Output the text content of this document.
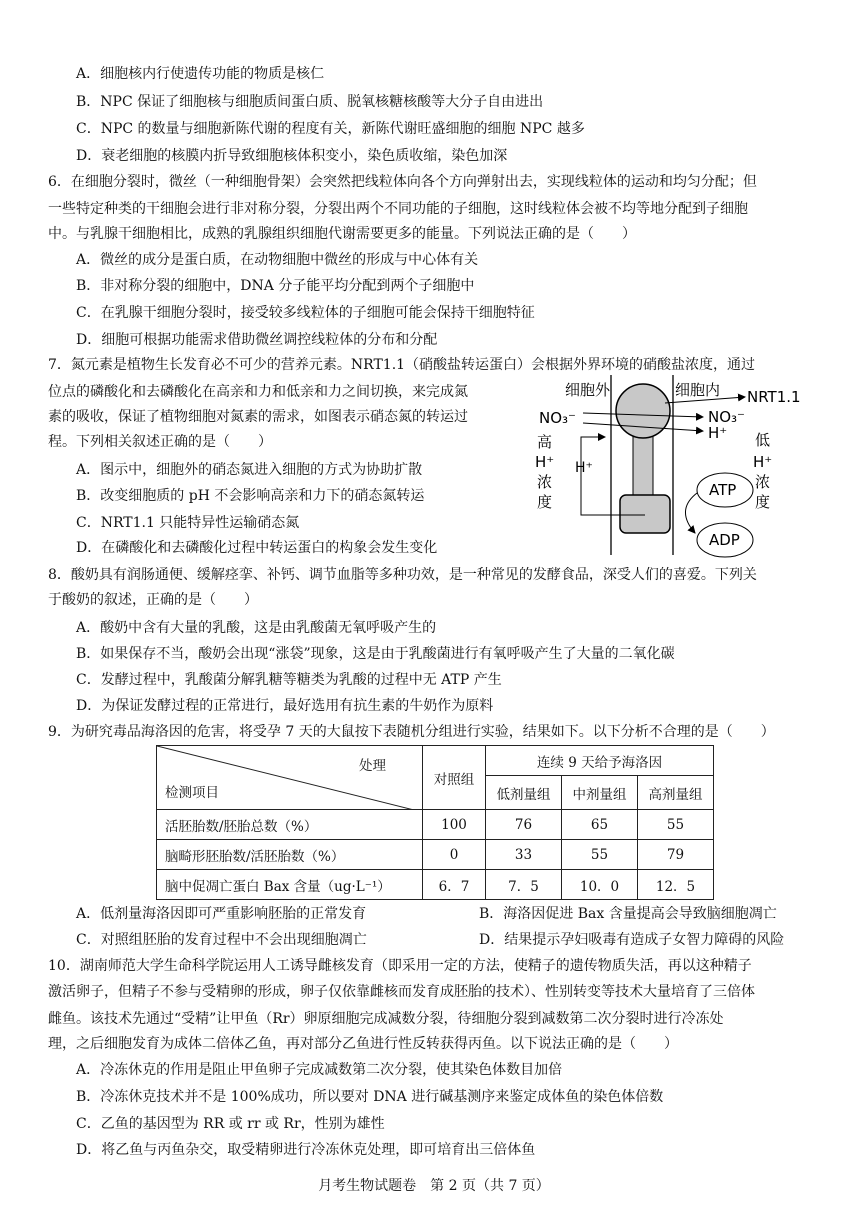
A．细胞核内行使遗传功能的物质是核仁
B．NPC 保证了细胞核与细胞质间蛋白质、脱氧核糖核酸等大分子自由进出
C．NPC 的数量与细胞新陈代谢的程度有关，新陈代谢旺盛细胞的细胞 NPC 越多
D．衰老细胞的核膜内折导致细胞核体积变小，染色质收缩，染色加深
6．在细胞分裂时，微丝（一种细胞骨架）会突然把线粒体向各个方向弹射出去，实现线粒体的运动和均匀分配；但
一些特定种类的干细胞会进行非对称分裂，分裂出两个不同功能的子细胞，这时线粒体会被不均等地分配到子细胞
中。与乳腺干细胞相比，成熟的乳腺组织细胞代谢需要更多的能量。下列说法正确的是（　　）
A．微丝的成分是蛋白质，在动物细胞中微丝的形成与中心体有关
B．非对称分裂的细胞中，DNA 分子能平均分配到两个子细胞中
C．在乳腺干细胞分裂时，接受较多线粒体的子细胞可能会保持干细胞特征
D．细胞可根据功能需求借助微丝调控线粒体的分布和分配
7．氮元素是植物生长发育必不可少的营养元素。NRT1.1（硝酸盐转运蛋白）会根据外界环境的硝酸盐浓度，通过
位点的磷酸化和去磷酸化在高亲和力和低亲和力之间切换，来完成氮
素的吸收，保证了植物细胞对氮素的需求，如图表示硝态氮的转运过
程。下列相关叙述正确的是（　　）
A．图示中，细胞外的硝态氮进入细胞的方式为协助扩散
B．改变细胞质的 pH 不会影响高亲和力下的硝态氮转运
C．NRT1.1 只能特异性运输硝态氮
D．在磷酸化和去磷酸化过程中转运蛋白的构象会发生变化
细胞外	细胞内 NRT1.1
NO₃⁻	NO₃⁻
H⁺
H⁺
高
H⁺
浓
度
低
H⁺
浓
度
ATP
ADP
8．酸奶具有润肠通便、缓解痉挛、补钙、调节血脂等多种功效，是一种常见的发酵食品，深受人们的喜爱。下列关
于酸奶的叙述，正确的是（　　）
A．酸奶中含有大量的乳酸，这是由乳酸菌无氧呼吸产生的
B．如果保存不当，酸奶会出现“涨袋”现象，这是由于乳酸菌进行有氧呼吸产生了大量的二氧化碳
C．发酵过程中，乳酸菌分解乳糖等糖类为乳酸的过程中无 ATP 产生
D．为保证发酵过程的正常进行，最好选用有抗生素的牛奶作为原料
9．为研究毒品海洛因的危害，将受孕 7 天的大鼠按下表随机分组进行实验，结果如下。以下分析不合理的是（　　）
处理
检测项目	对照组	连续 9 天给予海洛因		
		低剂量组	中剂量组	高剂量组
活胚胎数/胚胎总数（%）	100	76	65	55
脑畸形胚胎数/活胚胎数（%）	0	33	55	79
脑中促凋亡蛋白 Bax 含量（ug·L⁻¹）	6．7	7．5	10．0	12．5
A．低剂量海洛因即可严重影响胚胎的正常发育	B．海洛因促进 Bax 含量提高会导致脑细胞凋亡
C．对照组胚胎的发育过程中不会出现细胞凋亡	D．结果提示孕妇吸毒有造成子女智力障碍的风险
10．湖南师范大学生命科学院运用人工诱导雌核发育（即采用一定的方法，使精子的遗传物质失活，再以这种精子
激活卵子，但精子不参与受精卵的形成，卵子仅依靠雌核而发育成胚胎的技术）、性别转变等技术大量培育了三倍体
雌鱼。该技术先通过“受精”让甲鱼（Rr）卵原细胞完成减数分裂，待细胞分裂到减数第二次分裂时进行冷冻处
理，之后细胞发育为成体二倍体乙鱼，再对部分乙鱼进行性反转获得丙鱼。以下说法正确的是（　　）
A．冷冻休克的作用是阻止甲鱼卵子完成减数第二次分裂，使其染色体数目加倍
B．冷冻休克技术并不是 100%成功，所以要对 DNA 进行碱基测序来鉴定成体鱼的染色体倍数
C．乙鱼的基因型为 RR 或 rr 或 Rr，性别为雄性
D．将乙鱼与丙鱼杂交，取受精卵进行冷冻休克处理，即可培育出三倍体鱼
月考生物试题卷　第 2 页（共 7 页）
